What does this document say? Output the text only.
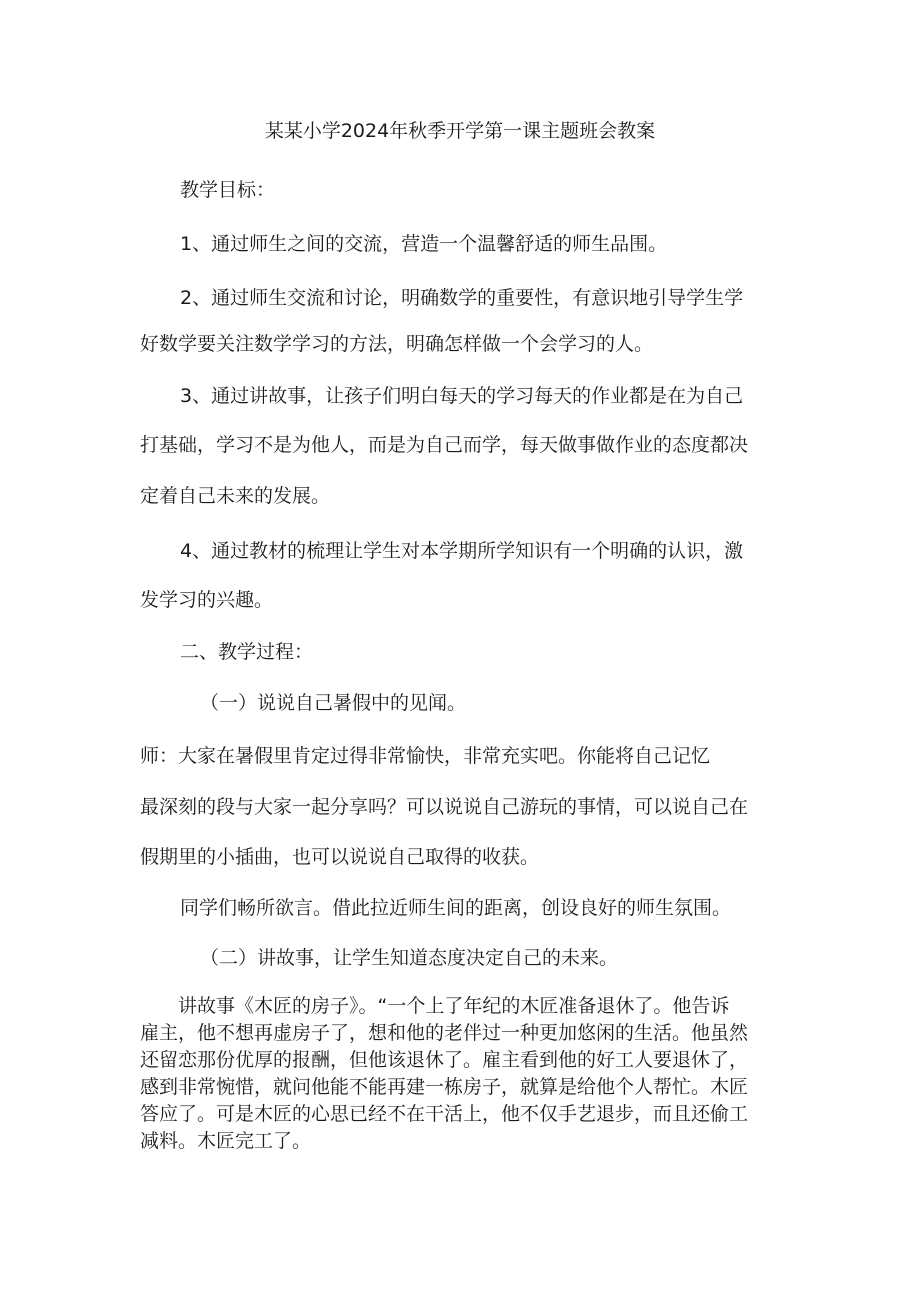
某某小学2024年秋季开学第一课主题班会教案
教学目标：
1、通过师生之间的交流，营造一个温馨舒适的师生品围。
2、通过师生交流和讨论，明确数学的重要性，有意识地引导学生学
好数学要关注数学学习的方法，明确怎样做一个会学习的人。
3、通过讲故事，让孩子们明白每天的学习每天的作业都是在为自己
打基础，学习不是为他人，而是为自己而学，每天做事做作业的态度都决
定着自己未来的发展。
4、通过教材的梳理让学生对本学期所学知识有一个明确的认识，激
发学习的兴趣。
二、教学过程：
（一）说说自己暑假中的见闻。
师：大家在暑假里肯定过得非常愉快，非常充实吧。你能将自己记忆
最深刻的段与大家一起分享吗？可以说说自己游玩的事情，可以说自己在
假期里的小插曲，也可以说说自己取得的收获。
同学们畅所欲言。借此拉近师生间的距离，创设良好的师生氛围。
（二）讲故事，让学生知道态度决定自己的未来。
讲故事《木匠的房子》。“一个上了年纪的木匠准备退休了。他告诉
雇主，他不想再虚房子了，想和他的老伴过一种更加悠闲的生活。他虽然
还留恋那份优厚的报酬，但他该退休了。雇主看到他的好工人要退休了，
感到非常惋惜，就问他能不能再建一栋房子，就算是给他个人帮忙。木匠
答应了。可是木匠的心思已经不在干活上，他不仅手艺退步，而且还偷工
减料。木匠完工了。
